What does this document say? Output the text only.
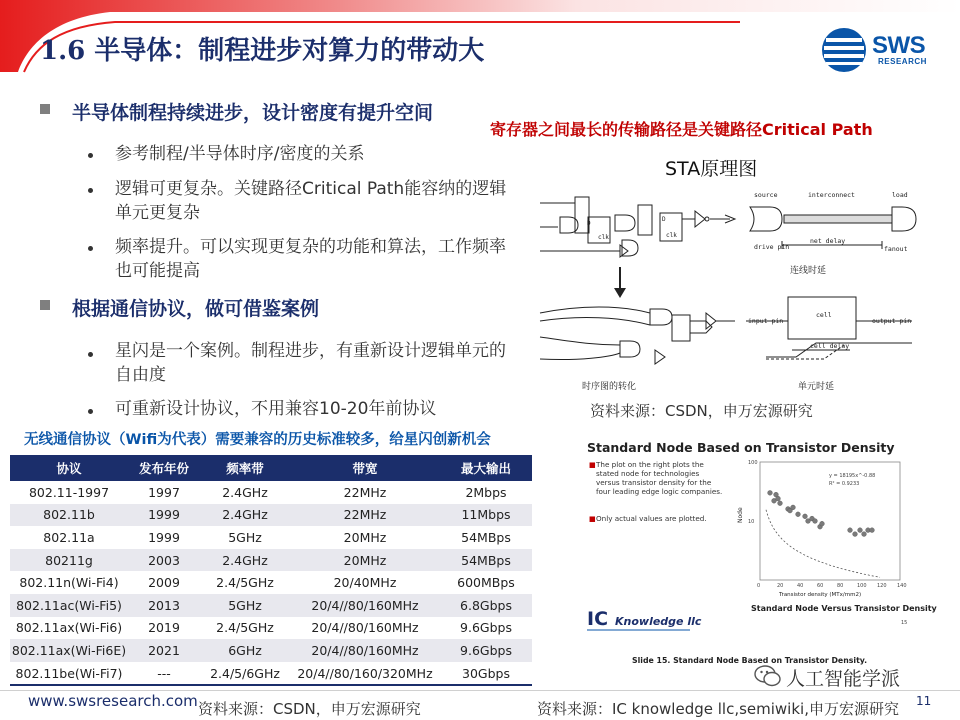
1.6 半导体：制程进步对算力的带动大	SWS
RESEARCH
半导体制程持续进步，设计密度有提升空间
参考制程/半导体时序/密度的关系
逻辑可更复杂。关键路径Critical Path能容纳的逻辑单元更复杂
频率提升。可以实现更复杂的功能和算法，工作频率也可能提高
根据通信协议，做可借鉴案例
星闪是一个案例。制程进步，有重新设计逻辑单元的自由度
可重新设计协议，不用兼容10-20年前协议
无线通信协议（Wifi为代表）需要兼容的历史标准较多，给星闪创新机会
协议	发布年份	频率带	带宽	最大输出
802.11-1997	1997	2.4GHz	22MHz	2Mbps
802.11b	1999	2.4GHz	22MHz	11Mbps
802.11a	1999	5GHz	20MHz	54MBps
80211g	2003	2.4GHz	20MHz	54MBps
802.11n(Wi-Fi4)	2009	2.4/5GHz	20/40MHz	600MBps
802.11ac(Wi-Fi5)	2013	5GHz	20/4//80/160MHz	6.8Gbps
802.11ax(Wi-Fi6)	2019	2.4/5GHz	20/4//80/160MHz	9.6Gbps
802.11ax(Wi-Fi6E)	2021	6GHz	20/4//80/160MHz	9.6Gbps
802.11be(Wi-Fi7)	---	2.4/5/6GHz	20/4//80/160/320MHz	30Gbps
寄存器之间最长的传输路径是关键路径Critical Path
STA原理图
D
clk
D
clk
source	interconnect	load
drive pin
net delay
fanout
连线时延
input pin
cell
output pin
cell delay
时序图的转化	单元时延
资料来源：CSDN，申万宏源研究
Standard Node Based on Transistor Density
■ The plot on the right plots the stated node for technologies versus transistor density for the four leading edge logic companies.
■ Only actual values are plotted.
0	20	40	60	80	100 120 140
10
100
Node
Transistor density (MTx/mm2)
y = 18195x^-0.88
R² = 0.9233
Standard Node Versus Transistor Density
15
IC Knowledge llc
Slide 15. Standard Node Based on Transistor Density.
www.swsresearch.com 资料来源：CSDN，申万宏源研究	资料来源：IC knowledge llc,semiwiki,申万宏源研究
人工智能学派
11
